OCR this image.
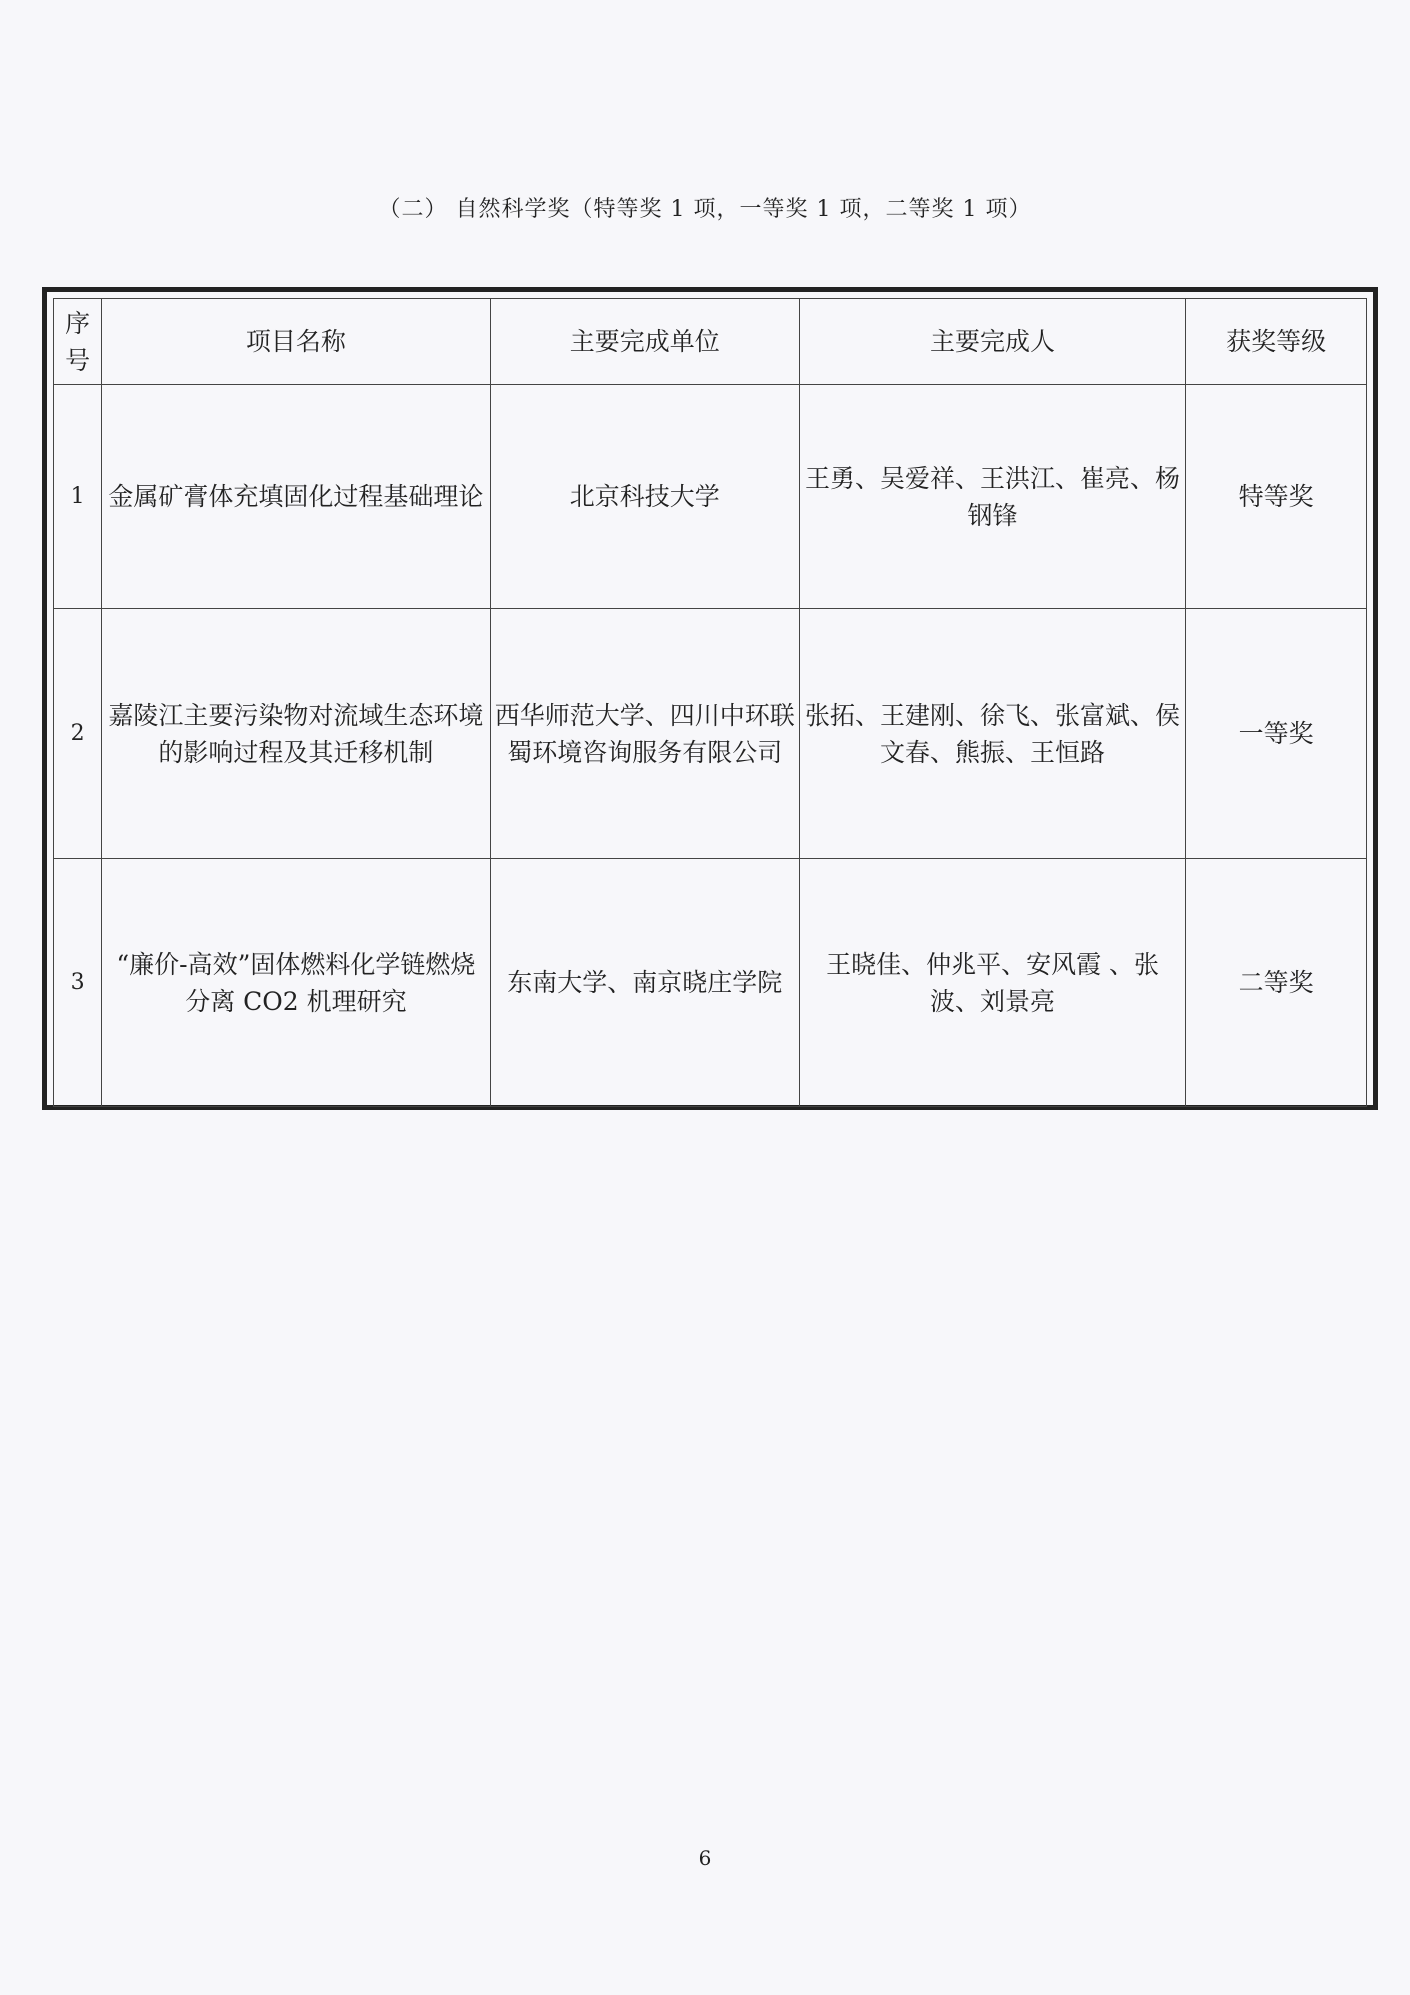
（二） 自然科学奖（特等奖 1 项，一等奖 1 项，二等奖 1 项）
序号	项目名称	主要完成单位	主要完成人	获奖等级
1	金属矿膏体充填固化过程基础理论	北京科技大学	王勇、吴爱祥、王洪江、崔亮、杨钢锋	特等奖
2	嘉陵江主要污染物对流域生态环境的影响过程及其迁移机制	西华师范大学、四川中环联蜀环境咨询服务有限公司	张拓、王建刚、徐飞、张富斌、侯文春、熊振、王恒路	一等奖
3	“廉价-高效”固体燃料化学链燃烧分离 CO2 机理研究	东南大学、南京晓庄学院	王晓佳、仲兆平、安风霞 、张波、刘景亮	二等奖
6
